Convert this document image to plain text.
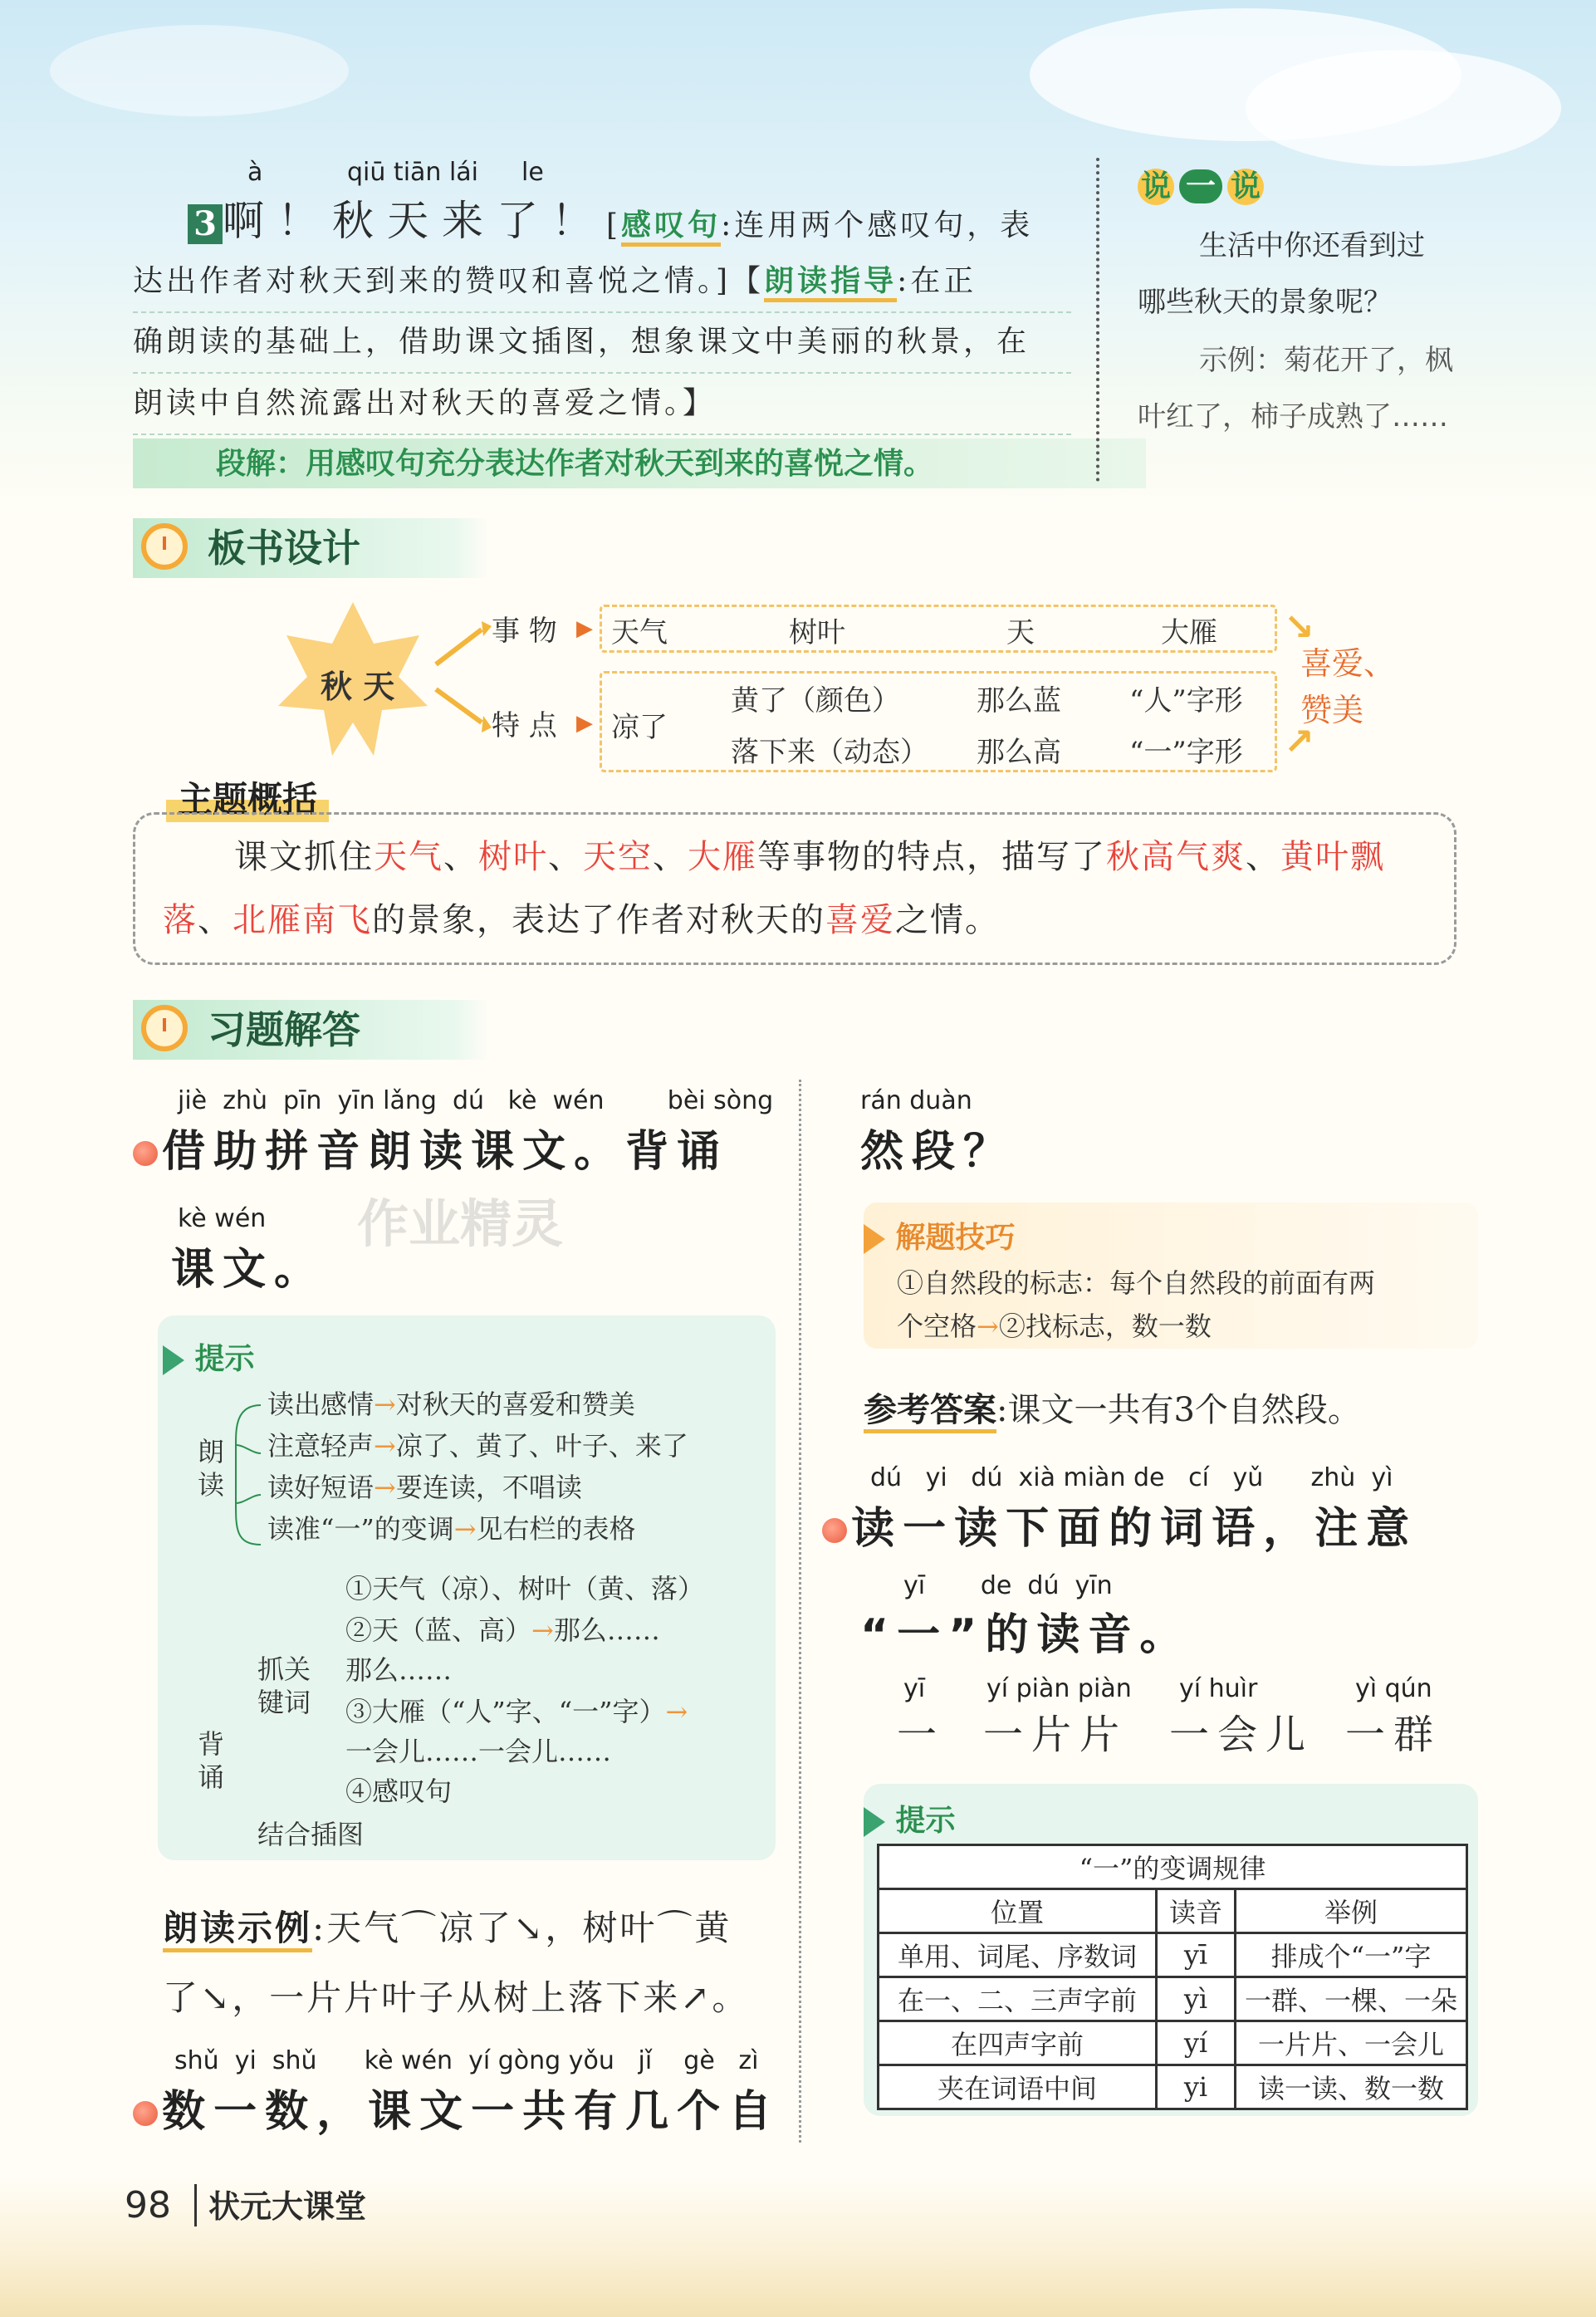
à	qiū tiān lái le
3 啊！秋天来了！[感叹句:连用两个感叹句，表
达出作者对秋天到来的赞叹和喜悦之情。]【朗读指导:在正
确朗读的基础上，借助课文插图，想象课文中美丽的秋景，在
朗读中自然流露出对秋天的喜爱之情。】
段解：用感叹句充分表达作者对秋天到来的喜悦之情。
说 一 说
生活中你还看到过
哪些秋天的景象呢？
示例：菊花开了，枫
叶红了，柿子成熟了……
板书设计
秋 天
事 物
特 点
▶
▶
天气	树叶	天	大雁
凉了
黄了（颜色）
落下来（动态）
那么蓝
那么高
“人”字形
“一”字形
↘
↗
喜爱、
赞美
主题概括
课文抓住天气、树叶、天空、大雁等事物的特点，描写了秋高气爽、黄叶飘
落、北雁南飞的景象，表达了作者对秋天的喜爱之情。
习题解答
jiè  zhù  pīn  yīn lǎng  dú   kè  wén        bèi sòng
借助拼音朗读课文。背诵
kè wén
课文。
作业精灵
提示
朗
读
读出感情→对秋天的喜爱和赞美
注意轻声→凉了、黄了、叶子、来了
读好短语→要连读，不唱读
读准“一”的变调→见右栏的表格
背
诵
抓关
键词
①天气（凉）、树叶（黄、落）
②天（蓝、高）→那么……
那么……
③大雁（“人”字、“一”字）→
一会儿……一会儿……
④感叹句
结合插图
朗读示例:天气⌒凉了↘，树叶⌒黄
了↘，一片片叶子从树上落下来↗。
shǔ  yi  shǔ      kè wén  yí gòng yǒu   jǐ    gè   zì
数一数，课文一共有几个自
rán duàn
然段？
解题技巧
①自然段的标志：每个自然段的前面有两
个空格→②找标志，数一数
参考答案:课文一共有3个自然段。
dú   yi   dú  xià miàn de   cí   yǔ      zhù  yì
读一读下面的词语，注意
yī       de  dú  yīn
“一”的读音。
yī yí piàn piàn yí huìr	yì qún
一 一片片 一会儿 一群
提示
“一”的变调规律		
位置	读音	举例
单用、词尾、序数词	yī	排成个“一”字
在一、二、三声字前	yì	一群、一棵、一朵
在四声字前	yí	一片片、一会儿
夹在词语中间	yi	读一读、数一数
98 状元大课堂
